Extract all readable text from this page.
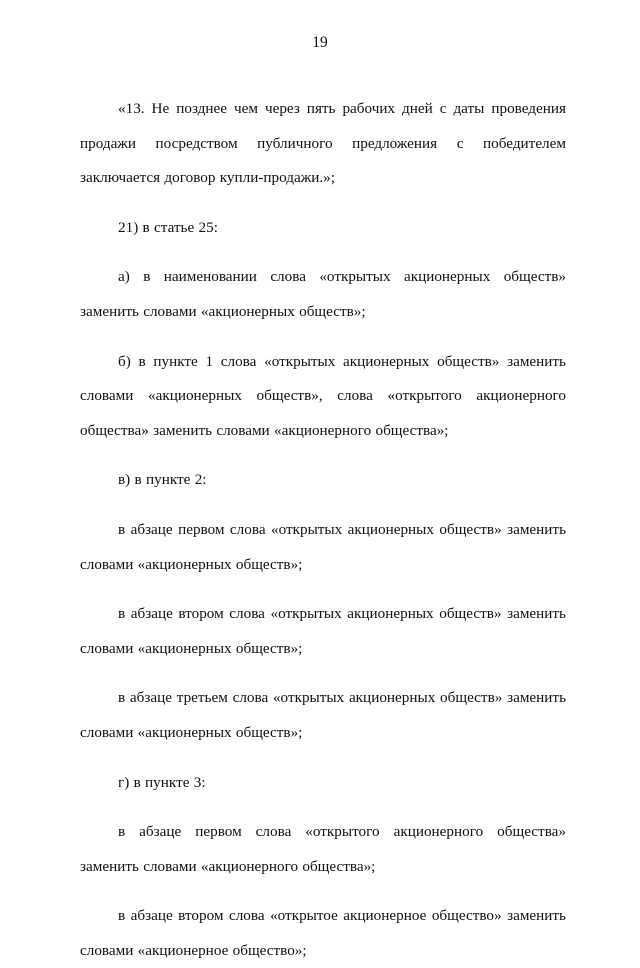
19

«13. Не позднее чем через пять рабочих дней с даты проведения продажи посредством публичного предложения с победителем заключается договор купли-продажи.»;

21) в статье 25:

а) в наименовании слова «открытых акционерных обществ» заменить словами «акционерных обществ»;

б) в пункте 1 слова «открытых акционерных обществ» заменить словами «акционерных обществ», слова «открытого акционерного общества» заменить словами «акционерного общества»;

в) в пункте 2:

в абзаце первом слова «открытых акционерных обществ» заменить словами «акционерных обществ»;

в абзаце втором слова «открытых акционерных обществ» заменить словами «акционерных обществ»;

в абзаце третьем слова «открытых акционерных обществ» заменить словами «акционерных обществ»;

г) в пункте 3:

в абзаце первом слова «открытого акционерного общества» заменить словами «акционерного общества»;

в абзаце втором слова «открытое акционерное общество» заменить словами «акционерное общество»;
